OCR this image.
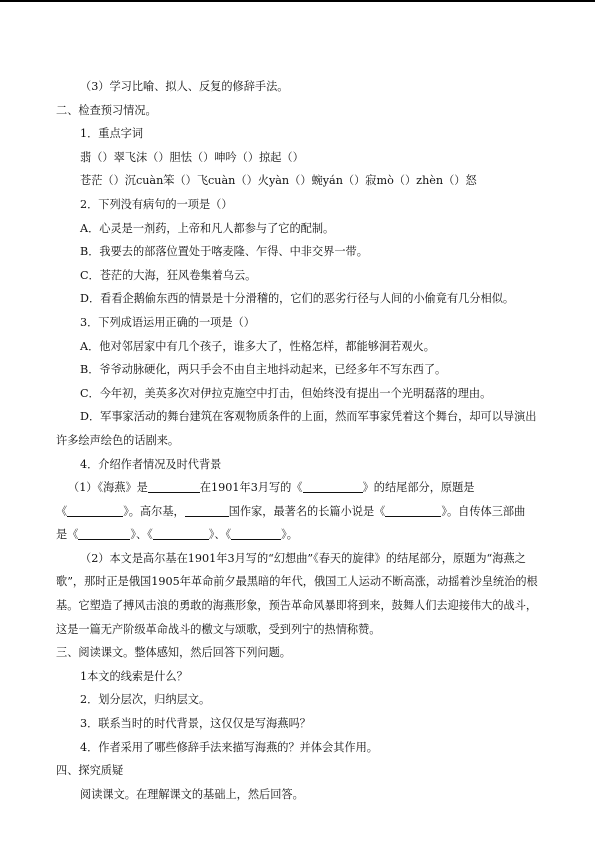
（3）学习比喻、拟人、反复的修辞手法。
二、检查预习情况。
1．重点字词
翡（）翠飞沫（）胆怯（）呻吟（）掠起（）
苍茫（）沉cuàn笨（）飞cuàn（）火yàn（）蜿yán（）寂mò（）zhèn（）怒
2．下列没有病句的一项是（）
A．心灵是一剂药，上帝和凡人都参与了它的配制。
B．我要去的部落位置处于喀麦隆、乍得、中非交界一带。
C．苍茫的大海，狂风卷集着乌云。
D．看看企鹅偷东西的情景是十分滑稽的，它们的恶劣行径与人间的小偷竟有几分相似。
3．下列成语运用正确的一项是（）
A．他对邻居家中有几个孩子，谁多大了，性格怎样，都能够洞若观火。
B．爷爷动脉硬化，两只手会不由自主地抖动起来，已经多年不写东西了。
C．今年初，美英多次对伊拉克施空中打击，但始终没有提出一个光明磊落的理由。
D．军事家活动的舞台建筑在客观物质条件的上面，然而军事家凭着这个舞台，却可以导演出许多绘声绘色的话剧来。
4．介绍作者情况及时代背景
（1）《海燕》是	在1901年3月写的《	》的结尾部分，原题是
《	》。高尔基，	国作家，最著名的长篇小说是《	》。自传体三部曲
是《	》、《	》、《	》。
（2）本文是高尔基在1901年3月写的“幻想曲”《春天的旋律》的结尾部分，原题为“海燕之歌”，那时正是俄国1905年革命前夕最黑暗的年代，俄国工人运动不断高涨，动摇着沙皇统治的根基。它塑造了搏风击浪的勇敢的海燕形象，预告革命风暴即将到来，鼓舞人们去迎接伟大的战斗，这是一篇无产阶级革命战斗的檄文与颂歌，受到列宁的热情称赞。
三、阅读课文。整体感知，然后回答下列问题。
1本文的线索是什么？
2．划分层次，归纳层文。
3．联系当时的时代背景，这仅仅是写海燕吗？
4．作者采用了哪些修辞手法来描写海燕的？并体会其作用。
四、探究质疑
阅读课文。在理解课文的基础上，然后回答。
